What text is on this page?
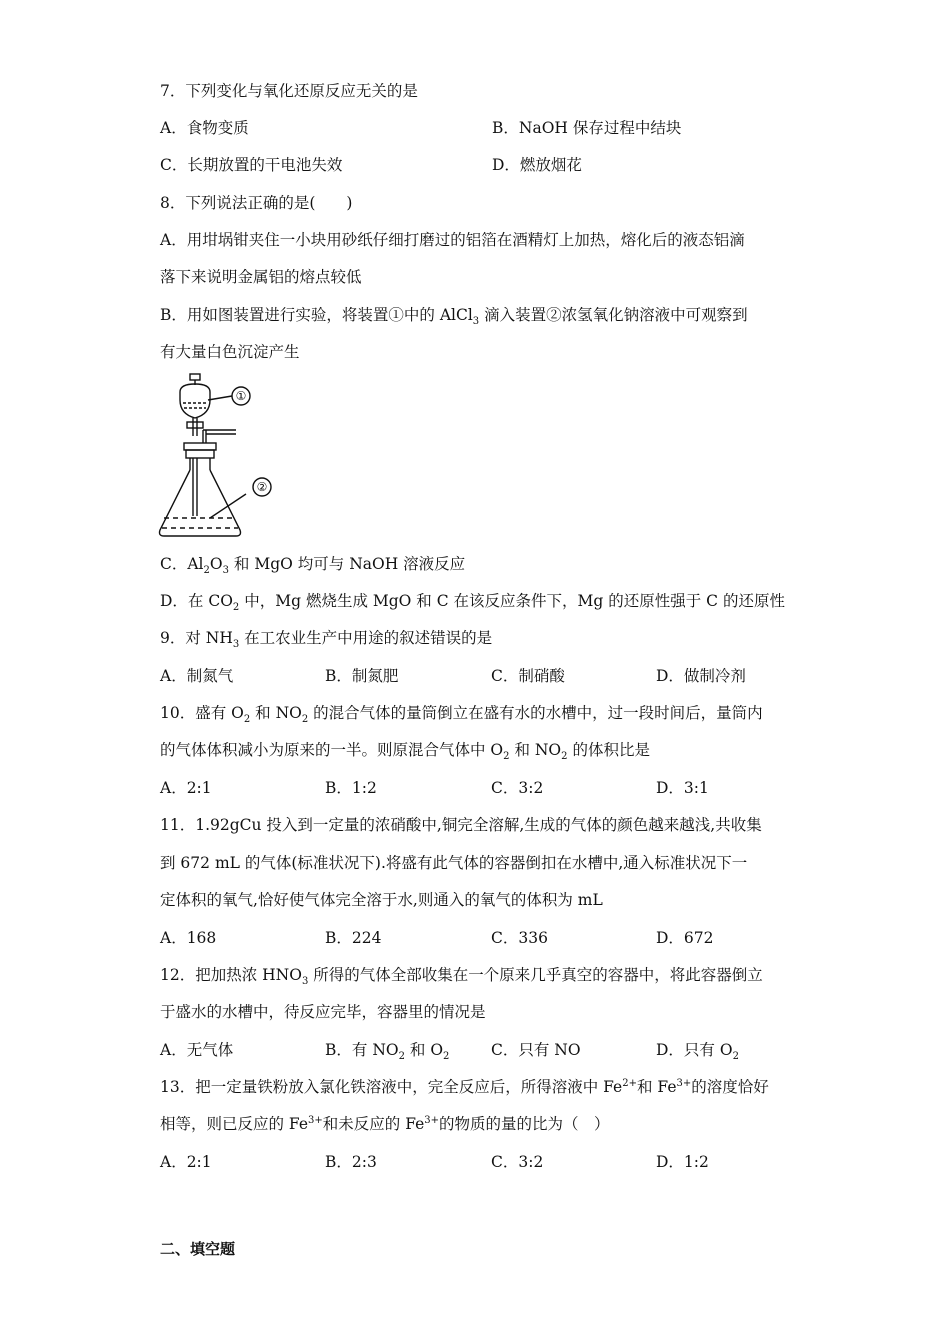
7．下列变化与氧化还原反应无关的是
A．食物变质	B．NaOH 保存过程中结块
C．长期放置的干电池失效	D．燃放烟花
8．下列说法正确的是(　　)
A．用坩埚钳夹住一小块用砂纸仔细打磨过的铝箔在酒精灯上加热，熔化后的液态铝滴
落下来说明金属铝的熔点较低
B．用如图装置进行实验，将装置①中的 AlCl$_3$ 滴入装置②浓氢氧化钠溶液中可观察到
有大量白色沉淀产生
①
②
C．$Al_2O_3$ 和 MgO 均可与 NaOH 溶液反应
D．在 $CO_2$ 中，Mg 燃烧生成 MgO 和 C 在该反应条件下，Mg 的还原性强于 C 的还原性
9．对 $NH_3$ 在工农业生产中用途的叙述错误的是
A．制氮气	B．制氮肥	C．制硝酸	D．做制冷剂
10．盛有 $O_2$ 和 $NO_2$ 的混合气体的量筒倒立在盛有水的水槽中，过一段时间后，量筒内
的气体体积减小为原来的一半。则原混合气体中 $O_2$ 和 $NO_2$ 的体积比是
A．2:1	B．1:2	C．3:2	D．3:1
11．1.92gCu 投入到一定量的浓硝酸中,铜完全溶解,生成的气体的颜色越来越浅,共收集
到 672 mL 的气体(标准状况下).将盛有此气体的容器倒扣在水槽中,通入标准状况下一
定体积的氧气,恰好使气体完全溶于水,则通入的氧气的体积为 mL
A．168	B．224	C．336	D．672
12．把加热浓 $HNO_3$ 所得的气体全部收集在一个原来几乎真空的容器中，将此容器倒立
于盛水的水槽中，待反应完毕，容器里的情况是
A．无气体	B．有 $NO_2$ 和 $O_2$	C．只有 NO	D．只有 $O_2$
13．把一定量铁粉放入氯化铁溶液中，完全反应后，所得溶液中 $Fe^{2+}$和 $Fe^{3+}$的溶度恰好
相等，则已反应的 $Fe^{3+}$和未反应的 $Fe^{3+}$的物质的量的比为（　）
A．2:1	B．2:3	C．3:2	D．1:2
二、填空题
